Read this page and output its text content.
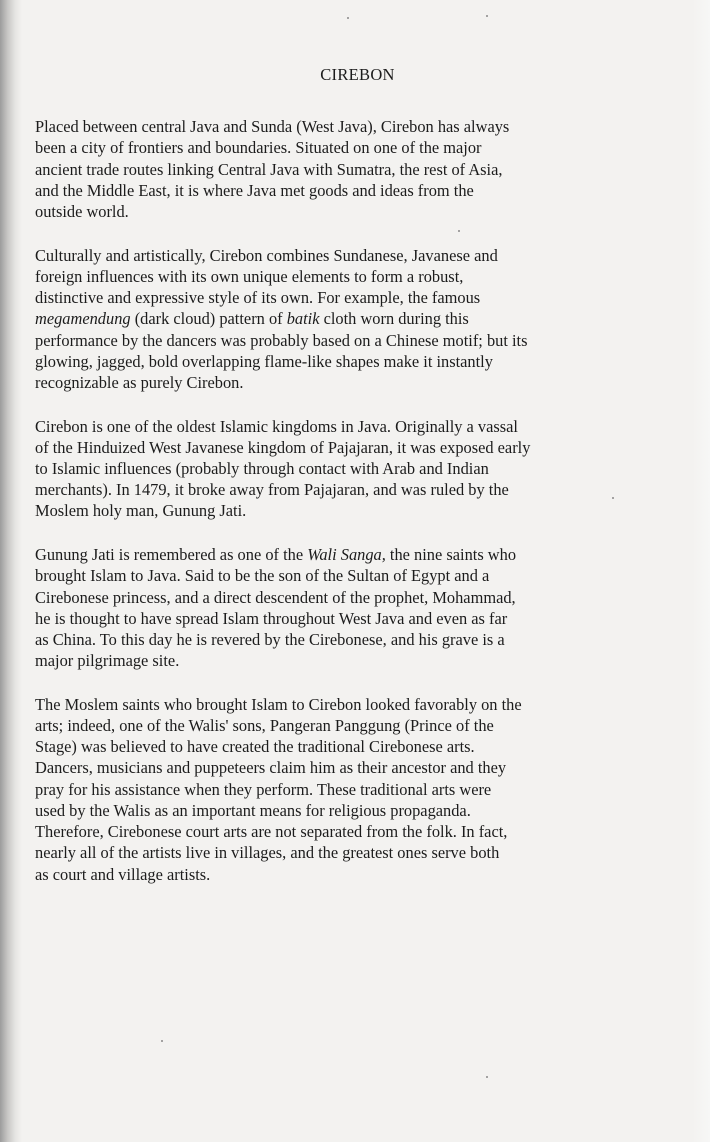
CIREBON

Placed between central Java and Sunda (West Java), Cirebon has always
been a city of frontiers and boundaries. Situated on one of the major
ancient trade routes linking Central Java with Sumatra, the rest of Asia,
and the Middle East, it is where Java met goods and ideas from the
outside world.

Culturally and artistically, Cirebon combines Sundanese, Javanese and
foreign influences with its own unique elements to form a robust,
distinctive and expressive style of its own. For example, the famous
megamendung (dark cloud) pattern of batik cloth worn during this
performance by the dancers was probably based on a Chinese motif; but its
glowing, jagged, bold overlapping flame-like shapes make it instantly
recognizable as purely Cirebon.

Cirebon is one of the oldest Islamic kingdoms in Java. Originally a vassal
of the Hinduized West Javanese kingdom of Pajajaran, it was exposed early
to Islamic influences (probably through contact with Arab and Indian
merchants). In 1479, it broke away from Pajajaran, and was ruled by the
Moslem holy man, Gunung Jati.

Gunung Jati is remembered as one of the Wali Sanga, the nine saints who
brought Islam to Java. Said to be the son of the Sultan of Egypt and a
Cirebonese princess, and a direct descendent of the prophet, Mohammad,
he is thought to have spread Islam throughout West Java and even as far
as China. To this day he is revered by the Cirebonese, and his grave is a
major pilgrimage site.

The Moslem saints who brought Islam to Cirebon looked favorably on the
arts; indeed, one of the Walis' sons, Pangeran Panggung (Prince of the
Stage) was believed to have created the traditional Cirebonese arts.
Dancers, musicians and puppeteers claim him as their ancestor and they
pray for his assistance when they perform. These traditional arts were
used by the Walis as an important means for religious propaganda.
Therefore, Cirebonese court arts are not separated from the folk. In fact,
nearly all of the artists live in villages, and the greatest ones serve both
as court and village artists.
